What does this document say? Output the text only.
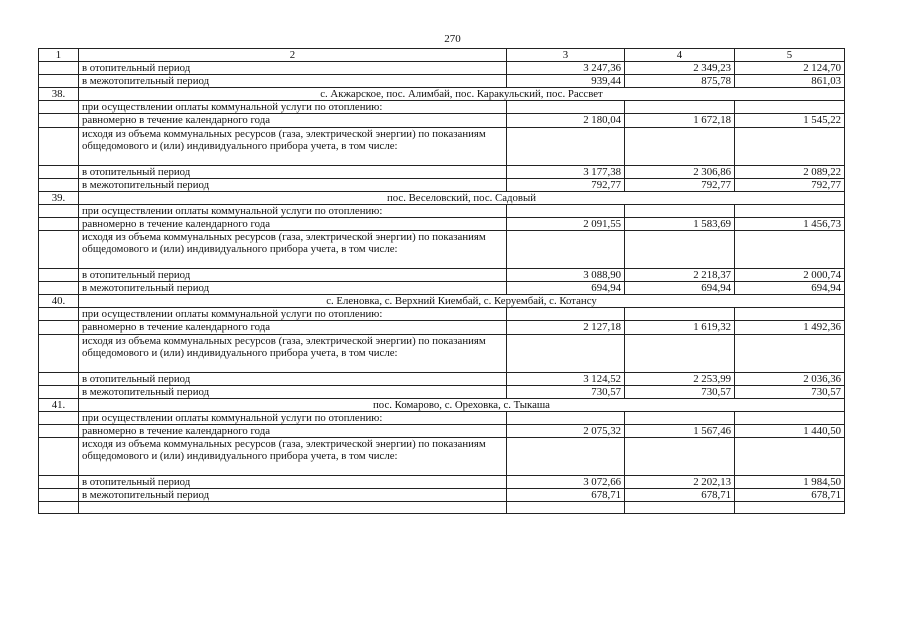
270
1	2	3	4	5
	в отопительный период	3 247,36	2 349,23	2 124,70
	в межотопительный период	939,44	875,78	861,03
38.	с. Акжарское, пос. Алимбай, пос. Каракульский, пос. Рассвет			
	при осуществлении оплаты коммунальной услуги по отоплению:			
	равномерно в течение календарного года	2 180,04	1 672,18	1 545,22
	исходя из объема коммунальных ресурсов (газа, электрической энергии) по показаниям общедомового и (или) индивидуального прибора учета, в том числе:			
	в отопительный период	3 177,38	2 306,86	2 089,22
	в межотопительный период	792,77	792,77	792,77
39.	пос. Веселовский, пос. Садовый			
	при осуществлении оплаты коммунальной услуги по отоплению:			
	равномерно в течение календарного года	2 091,55	1 583,69	1 456,73
	исходя из объема коммунальных ресурсов (газа, электрической энергии) по показаниям общедомового и (или) индивидуального прибора учета, в том числе:			
	в отопительный период	3 088,90	2 218,37	2 000,74
	в межотопительный период	694,94	694,94	694,94
40.	с. Еленовка, с. Верхний Киембай, с. Керуембай, с. Котансу			
	при осуществлении оплаты коммунальной услуги по отоплению:			
	равномерно в течение календарного года	2 127,18	1 619,32	1 492,36
	исходя из объема коммунальных ресурсов (газа, электрической энергии) по показаниям общедомового и (или) индивидуального прибора учета, в том числе:			
	в отопительный период	3 124,52	2 253,99	2 036,36
	в межотопительный период	730,57	730,57	730,57
41.	пос. Комарово, с. Ореховка, с. Тыкаша			
	при осуществлении оплаты коммунальной услуги по отоплению:			
	равномерно в течение календарного года	2 075,32	1 567,46	1 440,50
	исходя из объема коммунальных ресурсов (газа, электрической энергии) по показаниям общедомового и (или) индивидуального прибора учета, в том числе:			
	в отопительный период	3 072,66	2 202,13	1 984,50
	в межотопительный период	678,71	678,71	678,71
